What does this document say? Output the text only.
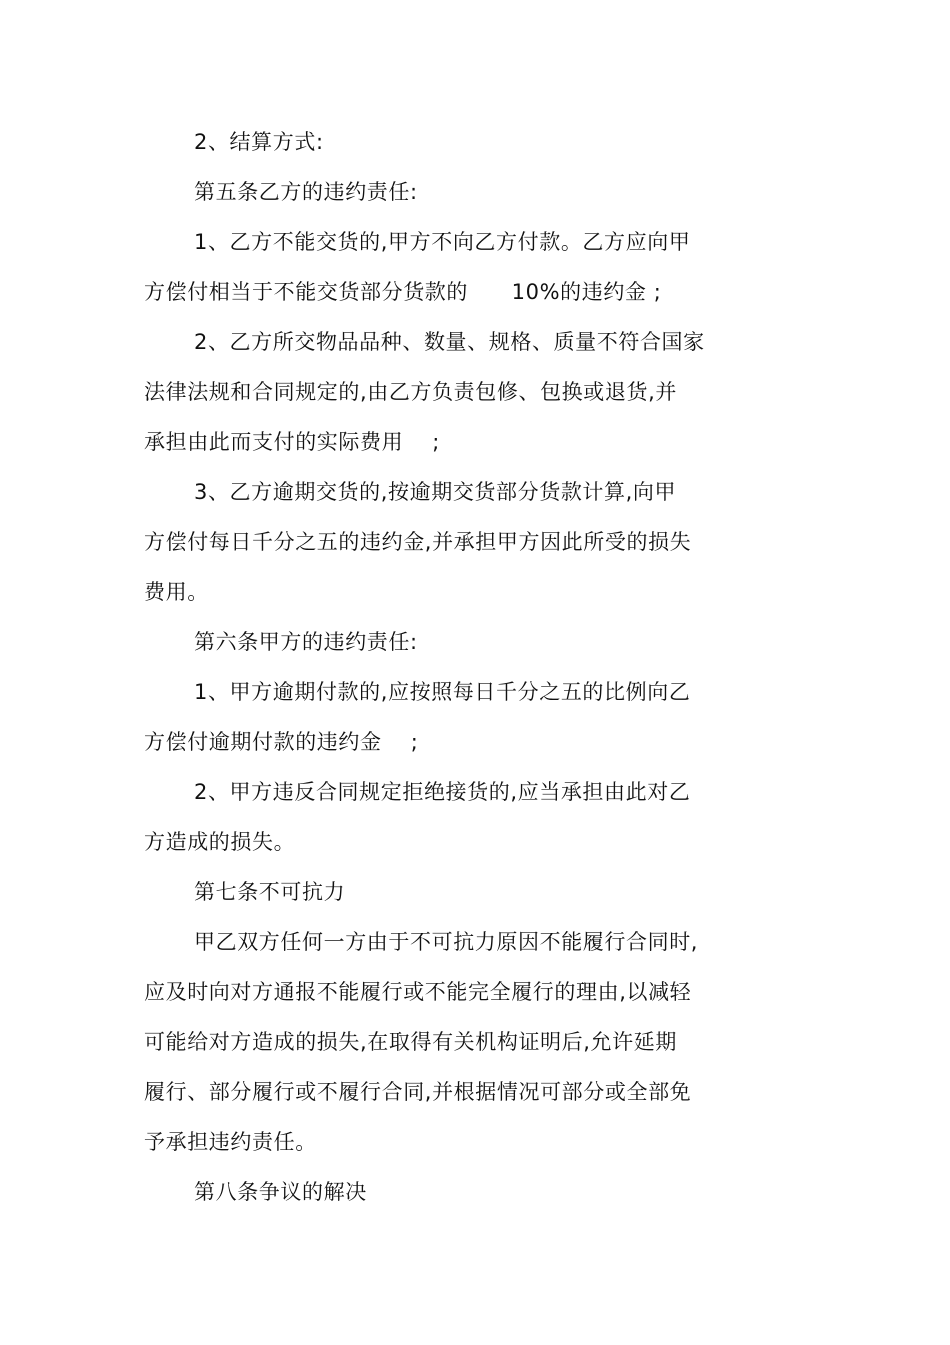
2、结算方式:
第五条乙方的违约责任:
1、乙方不能交货的,甲方不向乙方付款。乙方应向甲
方偿付相当于不能交货部分货款的      10%的违约金 ;
2、乙方所交物品品种、数量、规格、质量不符合国家
法律法规和合同规定的,由乙方负责包修、包换或退货,并
承担由此而支付的实际费用    ;
3、乙方逾期交货的,按逾期交货部分货款计算,向甲
方偿付每日千分之五的违约金,并承担甲方因此所受的损失
费用。
第六条甲方的违约责任:
1、甲方逾期付款的,应按照每日千分之五的比例向乙
方偿付逾期付款的违约金    ;
2、甲方违反合同规定拒绝接货的,应当承担由此对乙
方造成的损失。
第七条不可抗力
甲乙双方任何一方由于不可抗力原因不能履行合同时,
应及时向对方通报不能履行或不能完全履行的理由,以减轻
可能给对方造成的损失,在取得有关机构证明后,允许延期
履行、部分履行或不履行合同,并根据情况可部分或全部免
予承担违约责任。
第八条争议的解决
